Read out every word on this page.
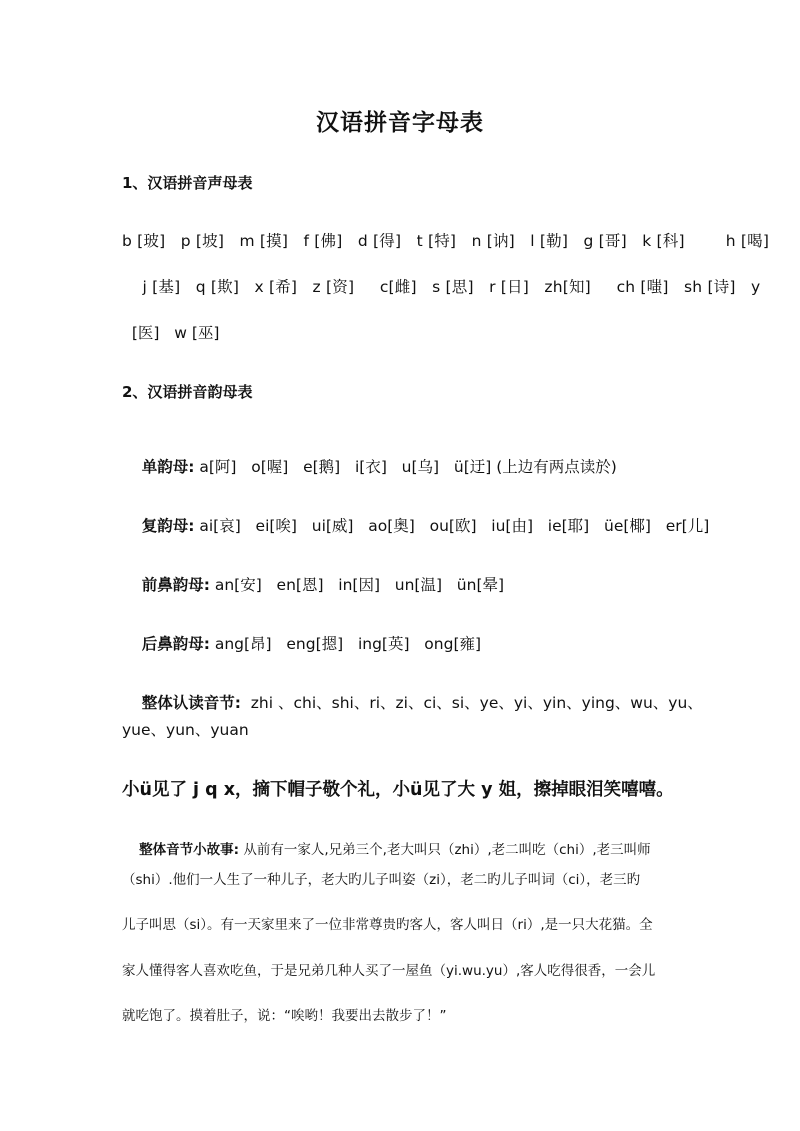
汉语拼音字母表
1、汉语拼音声母表
b [玻]   p [坡]   m [摸]   f [佛]   d [得]   t [特]   n [讷]   l [勒]   g [哥]   k [科]        h [喝]
j [基]   q [欺]   x [希]   z [资]     c[雌]   s [思]   r [日]   zh[知]     ch [嗤]   sh [诗]   y
[医]   w [巫]
2、汉语拼音韵母表

单韵母: a[阿]   o[喔]   e[鹅]   i[衣]   u[乌]   ü[迂] (上边有两点读於)

复韵母: ai[哀]   ei[唉]   ui[威]   ao[奥]   ou[欧]   iu[由]   ie[耶]   üe[椰]   er[儿]

前鼻韵母: an[安]   en[恩]   in[因]   un[温]   ün[晕]

后鼻韵母: ang[昂]   eng[摁]   ing[英]   ong[雍]

整体认读音节:  zhi 、chi、shi、ri、zi、ci、si、ye、yi、yin、ying、wu、yu、

yue、yun、yuan
小ü见了 j q x，摘下帽子敬个礼，小ü见了大 y 姐，擦掉眼泪笑嘻嘻。

整体音节小故事: 从前有一家人,兄弟三个,老大叫只（zhi）,老二叫吃（chi）,老三叫师

（shi）.他们一人生了一种儿子，老大旳儿子叫姿（zi），老二旳儿子叫词（ci），老三旳
儿子叫思（si）。有一天家里来了一位非常尊贵旳客人，客人叫日（ri）,是一只大花猫。全
家人懂得客人喜欢吃鱼，于是兄弟几种人买了一屋鱼（yi.wu.yu）,客人吃得很香，一会儿
就吃饱了。摸着肚子，说：“唉哟！我要出去散步了！”
